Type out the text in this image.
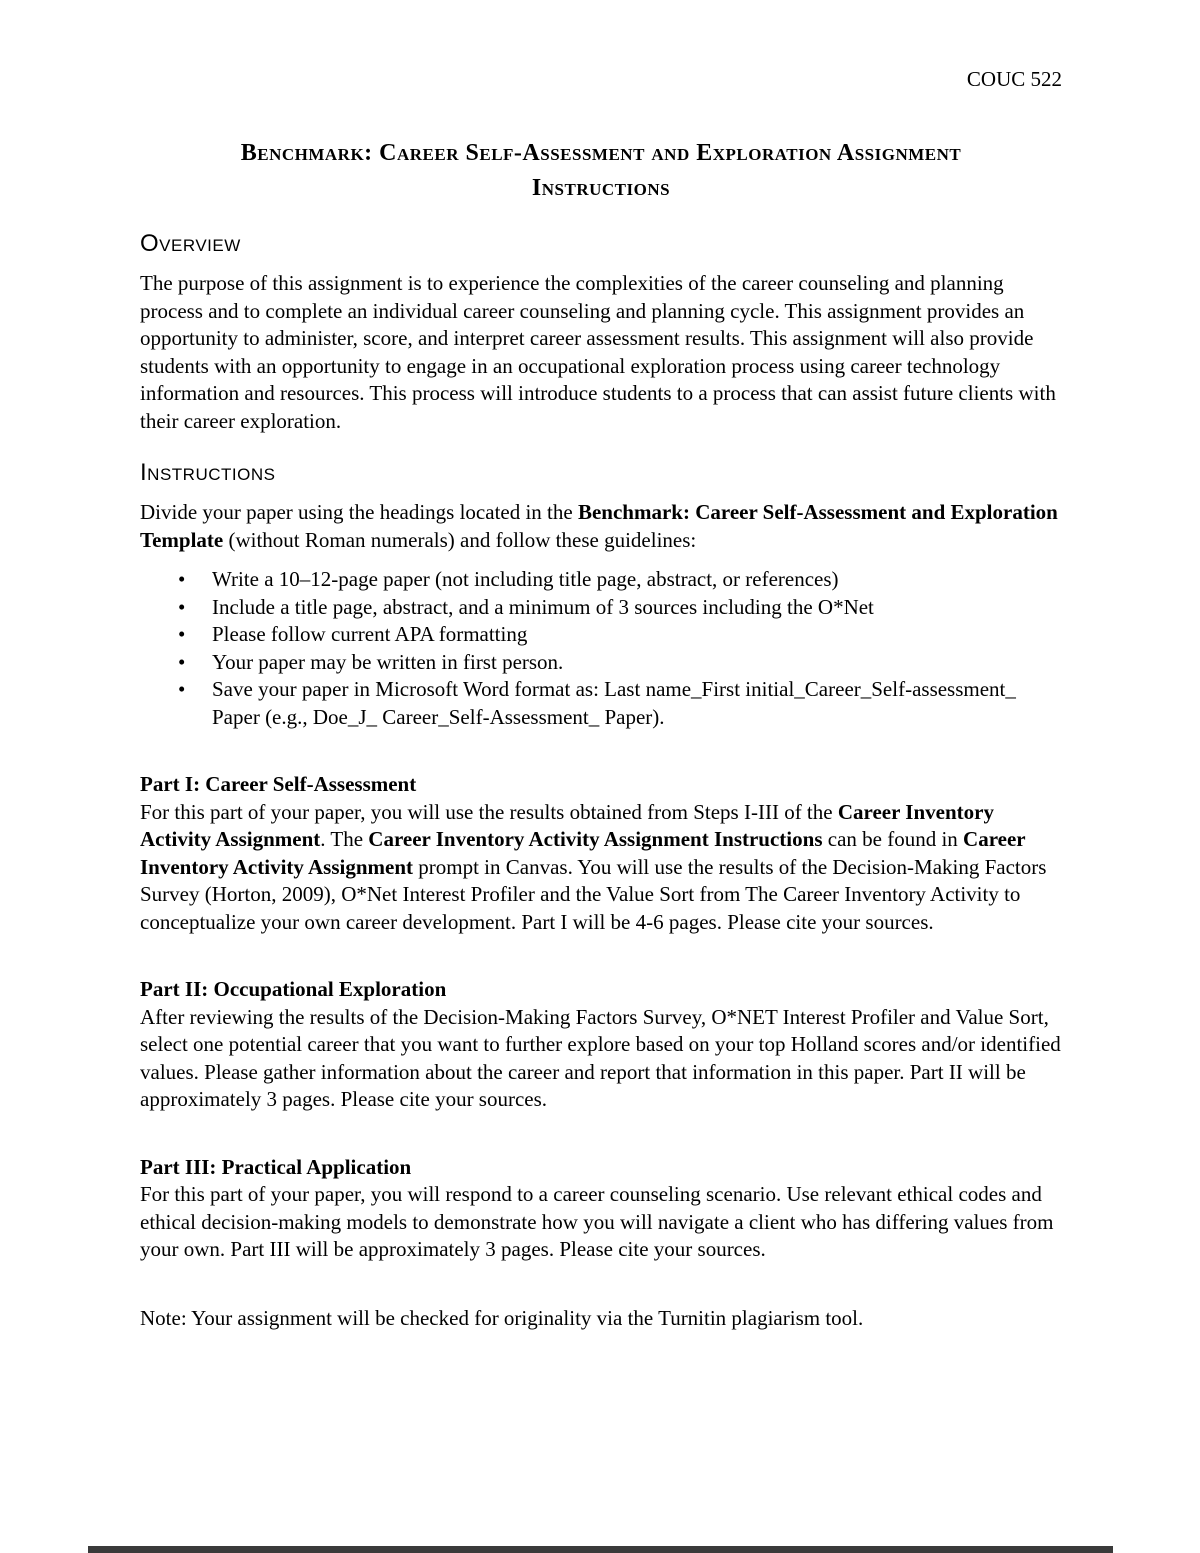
COUC 522
Benchmark: Career Self-Assessment and Exploration Assignment
Instructions
Overview

The purpose of this assignment is to experience the complexities of the career counseling and planning process and to complete an individual career counseling and planning cycle. This assignment provides an opportunity to administer, score, and interpret career assessment results. This assignment will also provide students with an opportunity to engage in an occupational exploration process using career technology information and resources. This process will introduce students to a process that can assist future clients with their career exploration.

Instructions

Divide your paper using the headings located in the Benchmark: Career Self-Assessment and Exploration Template (without Roman numerals) and follow these guidelines:

• Write a 10–12-page paper (not including title page, abstract, or references)
• Include a title page, abstract, and a minimum of 3 sources including the O*Net
• Please follow current APA formatting
• Your paper may be written in first person.
• Save your paper in Microsoft Word format as: Last name_First initial_Career_Self-assessment_ Paper (e.g., Doe_J_ Career_Self-Assessment_ Paper).
Part I: Career Self-Assessment

For this part of your paper, you will use the results obtained from Steps I-III of the Career Inventory Activity Assignment. The Career Inventory Activity Assignment Instructions can be found in Career Inventory Activity Assignment prompt in Canvas. You will use the results of the Decision-Making Factors Survey (Horton, 2009), O*Net Interest Profiler and the Value Sort from The Career Inventory Activity to conceptualize your own career development. Part I will be 4-6 pages. Please cite your sources.

Part II: Occupational Exploration

After reviewing the results of the Decision-Making Factors Survey, O*NET Interest Profiler and Value Sort, select one potential career that you want to further explore based on your top Holland scores and/or identified values. Please gather information about the career and report that information in this paper. Part II will be approximately 3 pages. Please cite your sources.

Part III: Practical Application

For this part of your paper, you will respond to a career counseling scenario. Use relevant ethical codes and ethical decision-making models to demonstrate how you will navigate a client who has differing values from your own. Part III will be approximately 3 pages. Please cite your sources.

Note: Your assignment will be checked for originality via the Turnitin plagiarism tool.
